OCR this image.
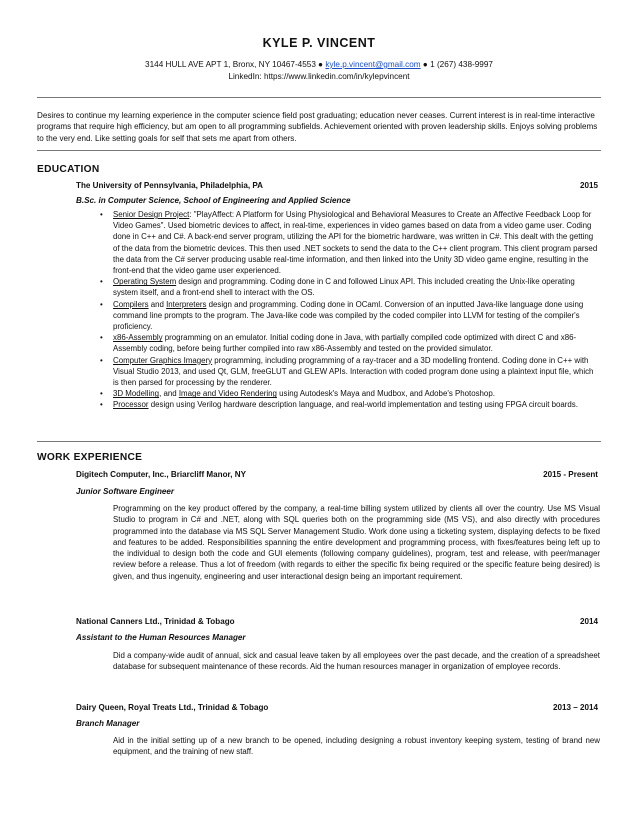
KYLE P. VINCENT
3144 HULL AVE APT 1, Bronx, NY 10467-4553 ● kyle.p.vincent@gmail.com ● 1 (267) 438-9997
LinkedIn: https://www.linkedin.com/in/kylepvincent
Desires to continue my learning experience in the computer science field post graduating; education never ceases. Current interest is in real-time interactive programs that require high efficiency, but am open to all programming subfields. Achievement oriented with proven leadership skills. Enjoys solving problems to the very end. Like setting goals for self that sets me apart from others.
EDUCATION
The University of Pennsylvania, Philadelphia, PA	2015
B.Sc. in Computer Science, School of Engineering and Applied Science
• Senior Design Project: "PlayAffect: A Platform for Using Physiological and Behavioral Measures to Create an Affective Feedback Loop for Video Games". Used biometric devices to affect, in real-time, experiences in video games based on data from a video game user. Coding done in C++ and C#. A back-end server program, utilizing the API for the biometric hardware, was written in C#. This dealt with the getting of the data from the biometric devices. This then used .NET sockets to send the data to the C++ client program. This client program parsed the data from the C# server producing usable real-time information, and then linked into the Unity 3D video game engine, resulting in the front-end that the video game user experienced.
• Operating System design and programming. Coding done in C and followed Linux API. This included creating the Unix-like operating system itself, and a front-end shell to interact with the OS.
• Compilers and Interpreters design and programming. Coding done in OCaml. Conversion of an inputted Java-like language done using command line prompts to the program. The Java-like code was compiled by the coded compiler into LLVM for testing of the compiler's proficiency.
• x86-Assembly programming on an emulator. Initial coding done in Java, with partially compiled code optimized with direct C and x86-Assembly coding, before being further compiled into raw x86-Assembly and tested on the provided simulator.
• Computer Graphics Imagery programming, including programming of a ray-tracer and a 3D modelling frontend. Coding done in C++ with Visual Studio 2013, and used Qt, GLM, freeGLUT and GLEW APIs. Interaction with coded program done using a plaintext input file, which is then parsed for processing by the renderer.
• 3D Modelling, and Image and Video Rendering using Autodesk's Maya and Mudbox, and Adobe's Photoshop.
• Processor design using Verilog hardware description language, and real-world implementation and testing using FPGA circuit boards.
WORK EXPERIENCE
Digitech Computer, Inc., Briarcliff Manor, NY	2015 - Present
Junior Software Engineer
Programming on the key product offered by the company, a real-time billing system utilized by clients all over the country. Use MS Visual Studio to program in C# and .NET, along with SQL queries both on the programming side (MS VS), and also directly with procedures programmed into the database via MS SQL Server Management Studio. Work done using a ticketing system, displaying defects to be fixed and features to be added. Responsibilities spanning the entire development and programming process, with fixes/features being left up to the individual to design both the code and GUI elements (following company guidelines), program, test and release, with peer/manager review before a release. Thus a lot of freedom (with regards to either the specific fix being required or the specific feature being desired) is given, and thus ingenuity, engineering and user interactional design being an important requirement.
National Canners Ltd., Trinidad & Tobago	2014
Assistant to the Human Resources Manager
Did a company-wide audit of annual, sick and casual leave taken by all employees over the past decade, and the creation of a spreadsheet database for subsequent maintenance of these records. Aid the human resources manager in organization of employee records.
Dairy Queen, Royal Treats Ltd., Trinidad & Tobago	2013 – 2014
Branch Manager
Aid in the initial setting up of a new branch to be opened, including designing a robust inventory keeping system, testing of brand new equipment, and the training of new staff.
